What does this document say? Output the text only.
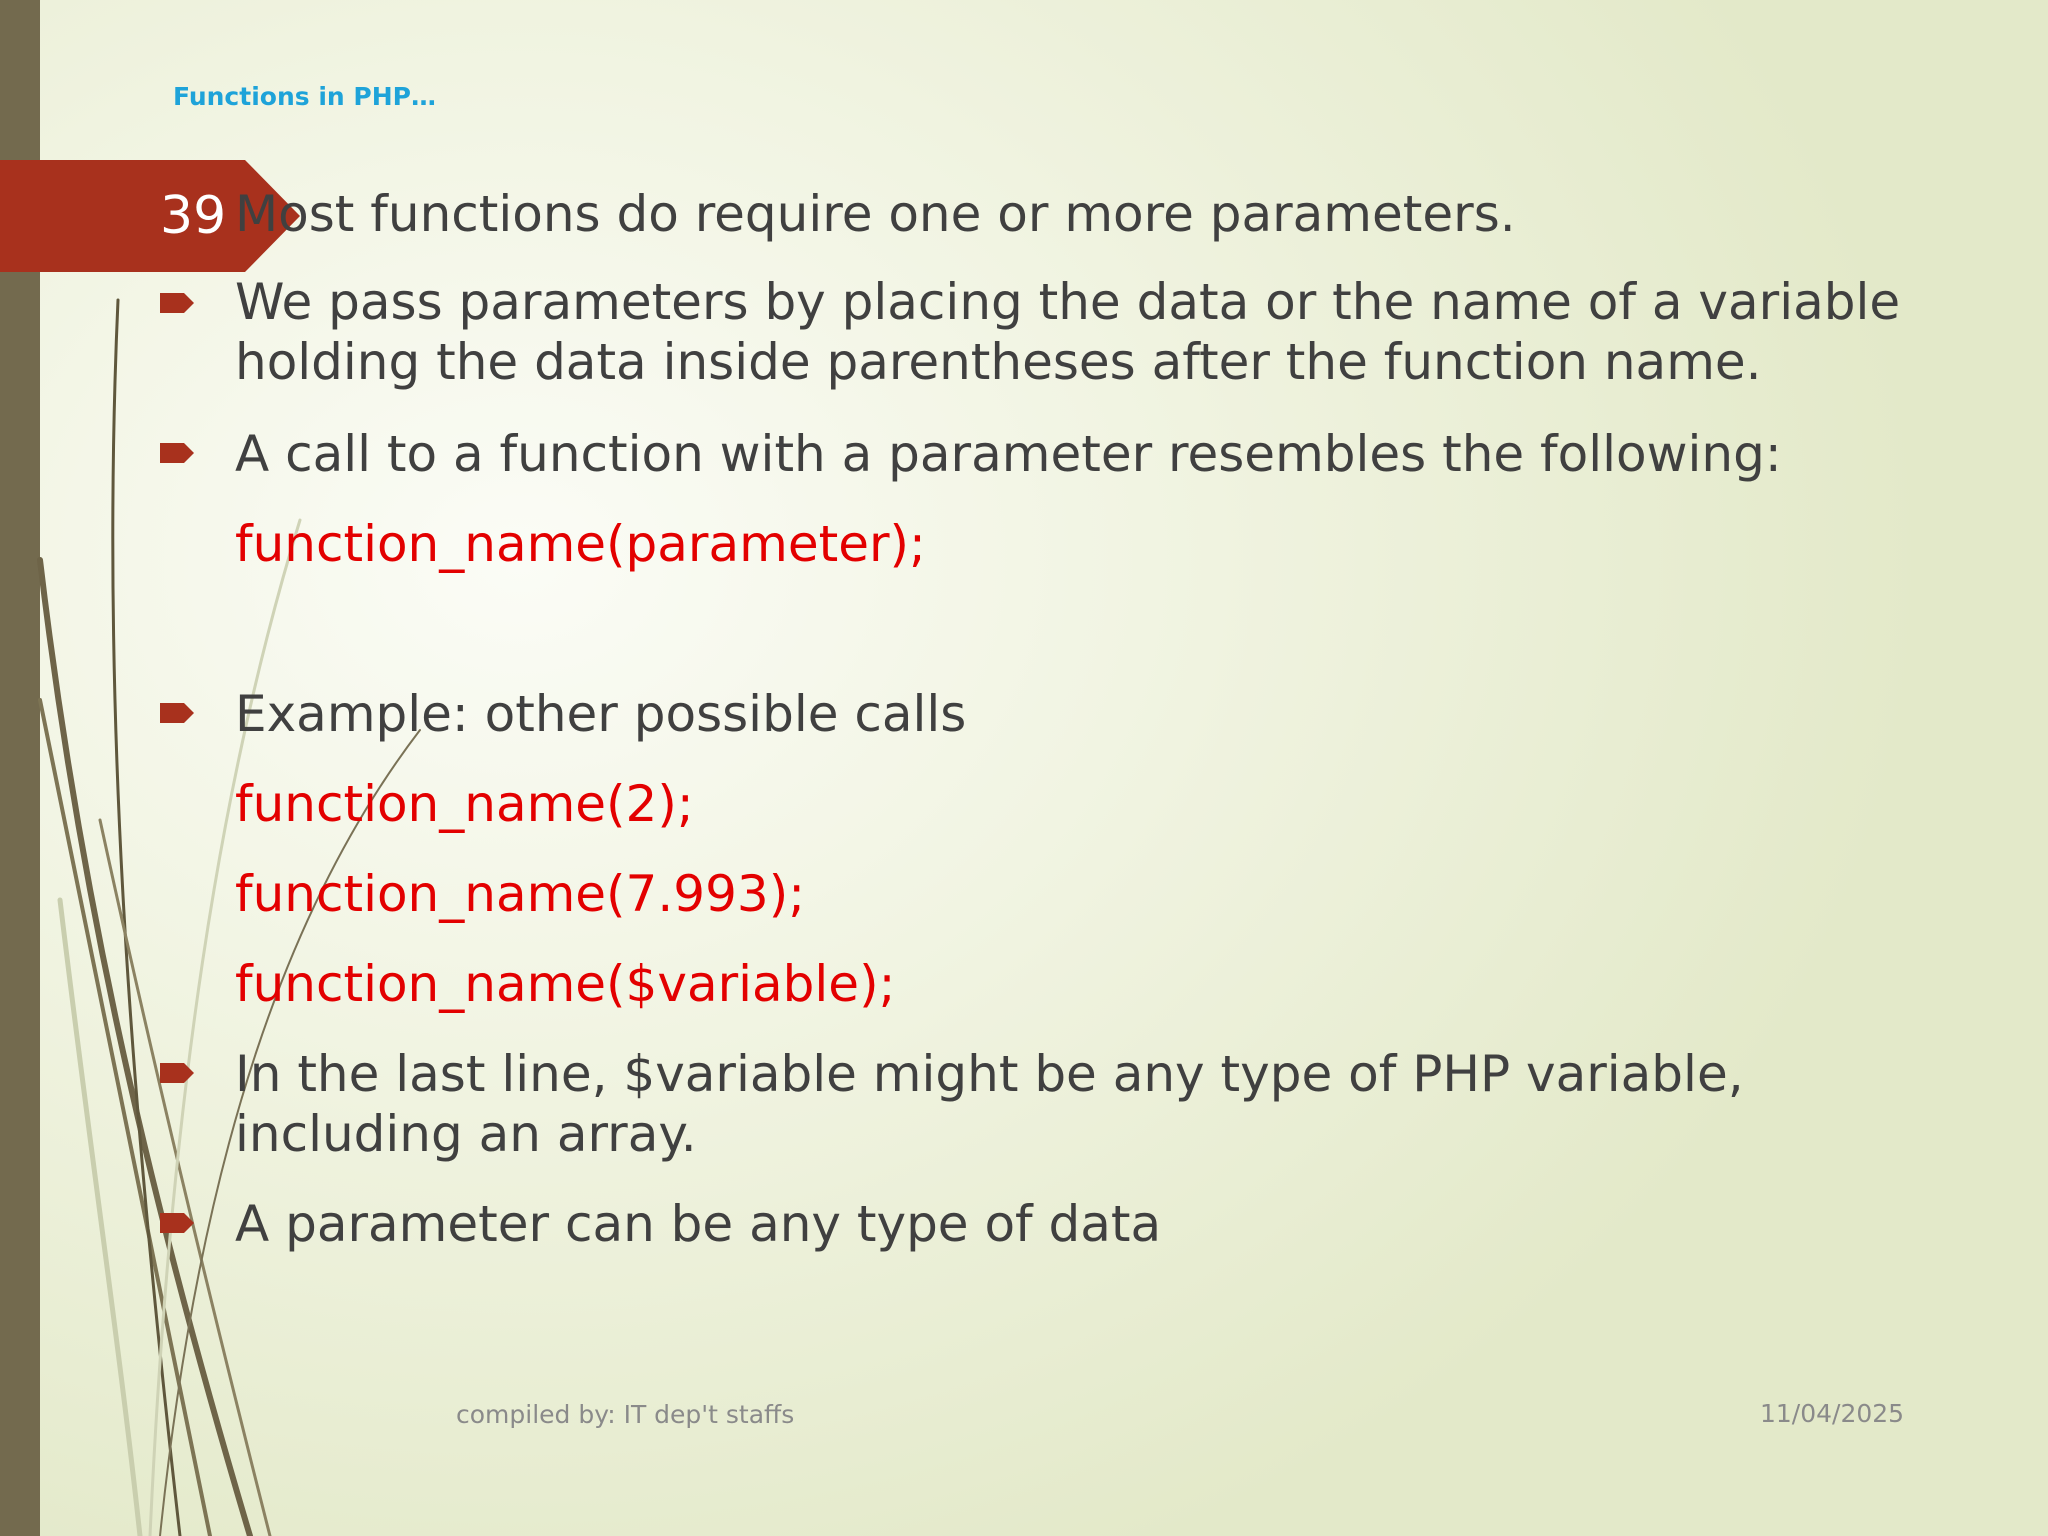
Functions in PHP…
39 Most functions do require one or more parameters.
We pass parameters by placing the data or the name of a variable
holding the data inside parentheses after the function name.
A call to a function with a parameter resembles the following:
function_name(parameter);
Example: other possible calls
function_name(2);
function_name(7.993);
function_name($variable);
In the last line, $variable might be any type of PHP variable,
including an array.
A parameter can be any type of data
compiled by: IT dep't staffs	11/04/2025
